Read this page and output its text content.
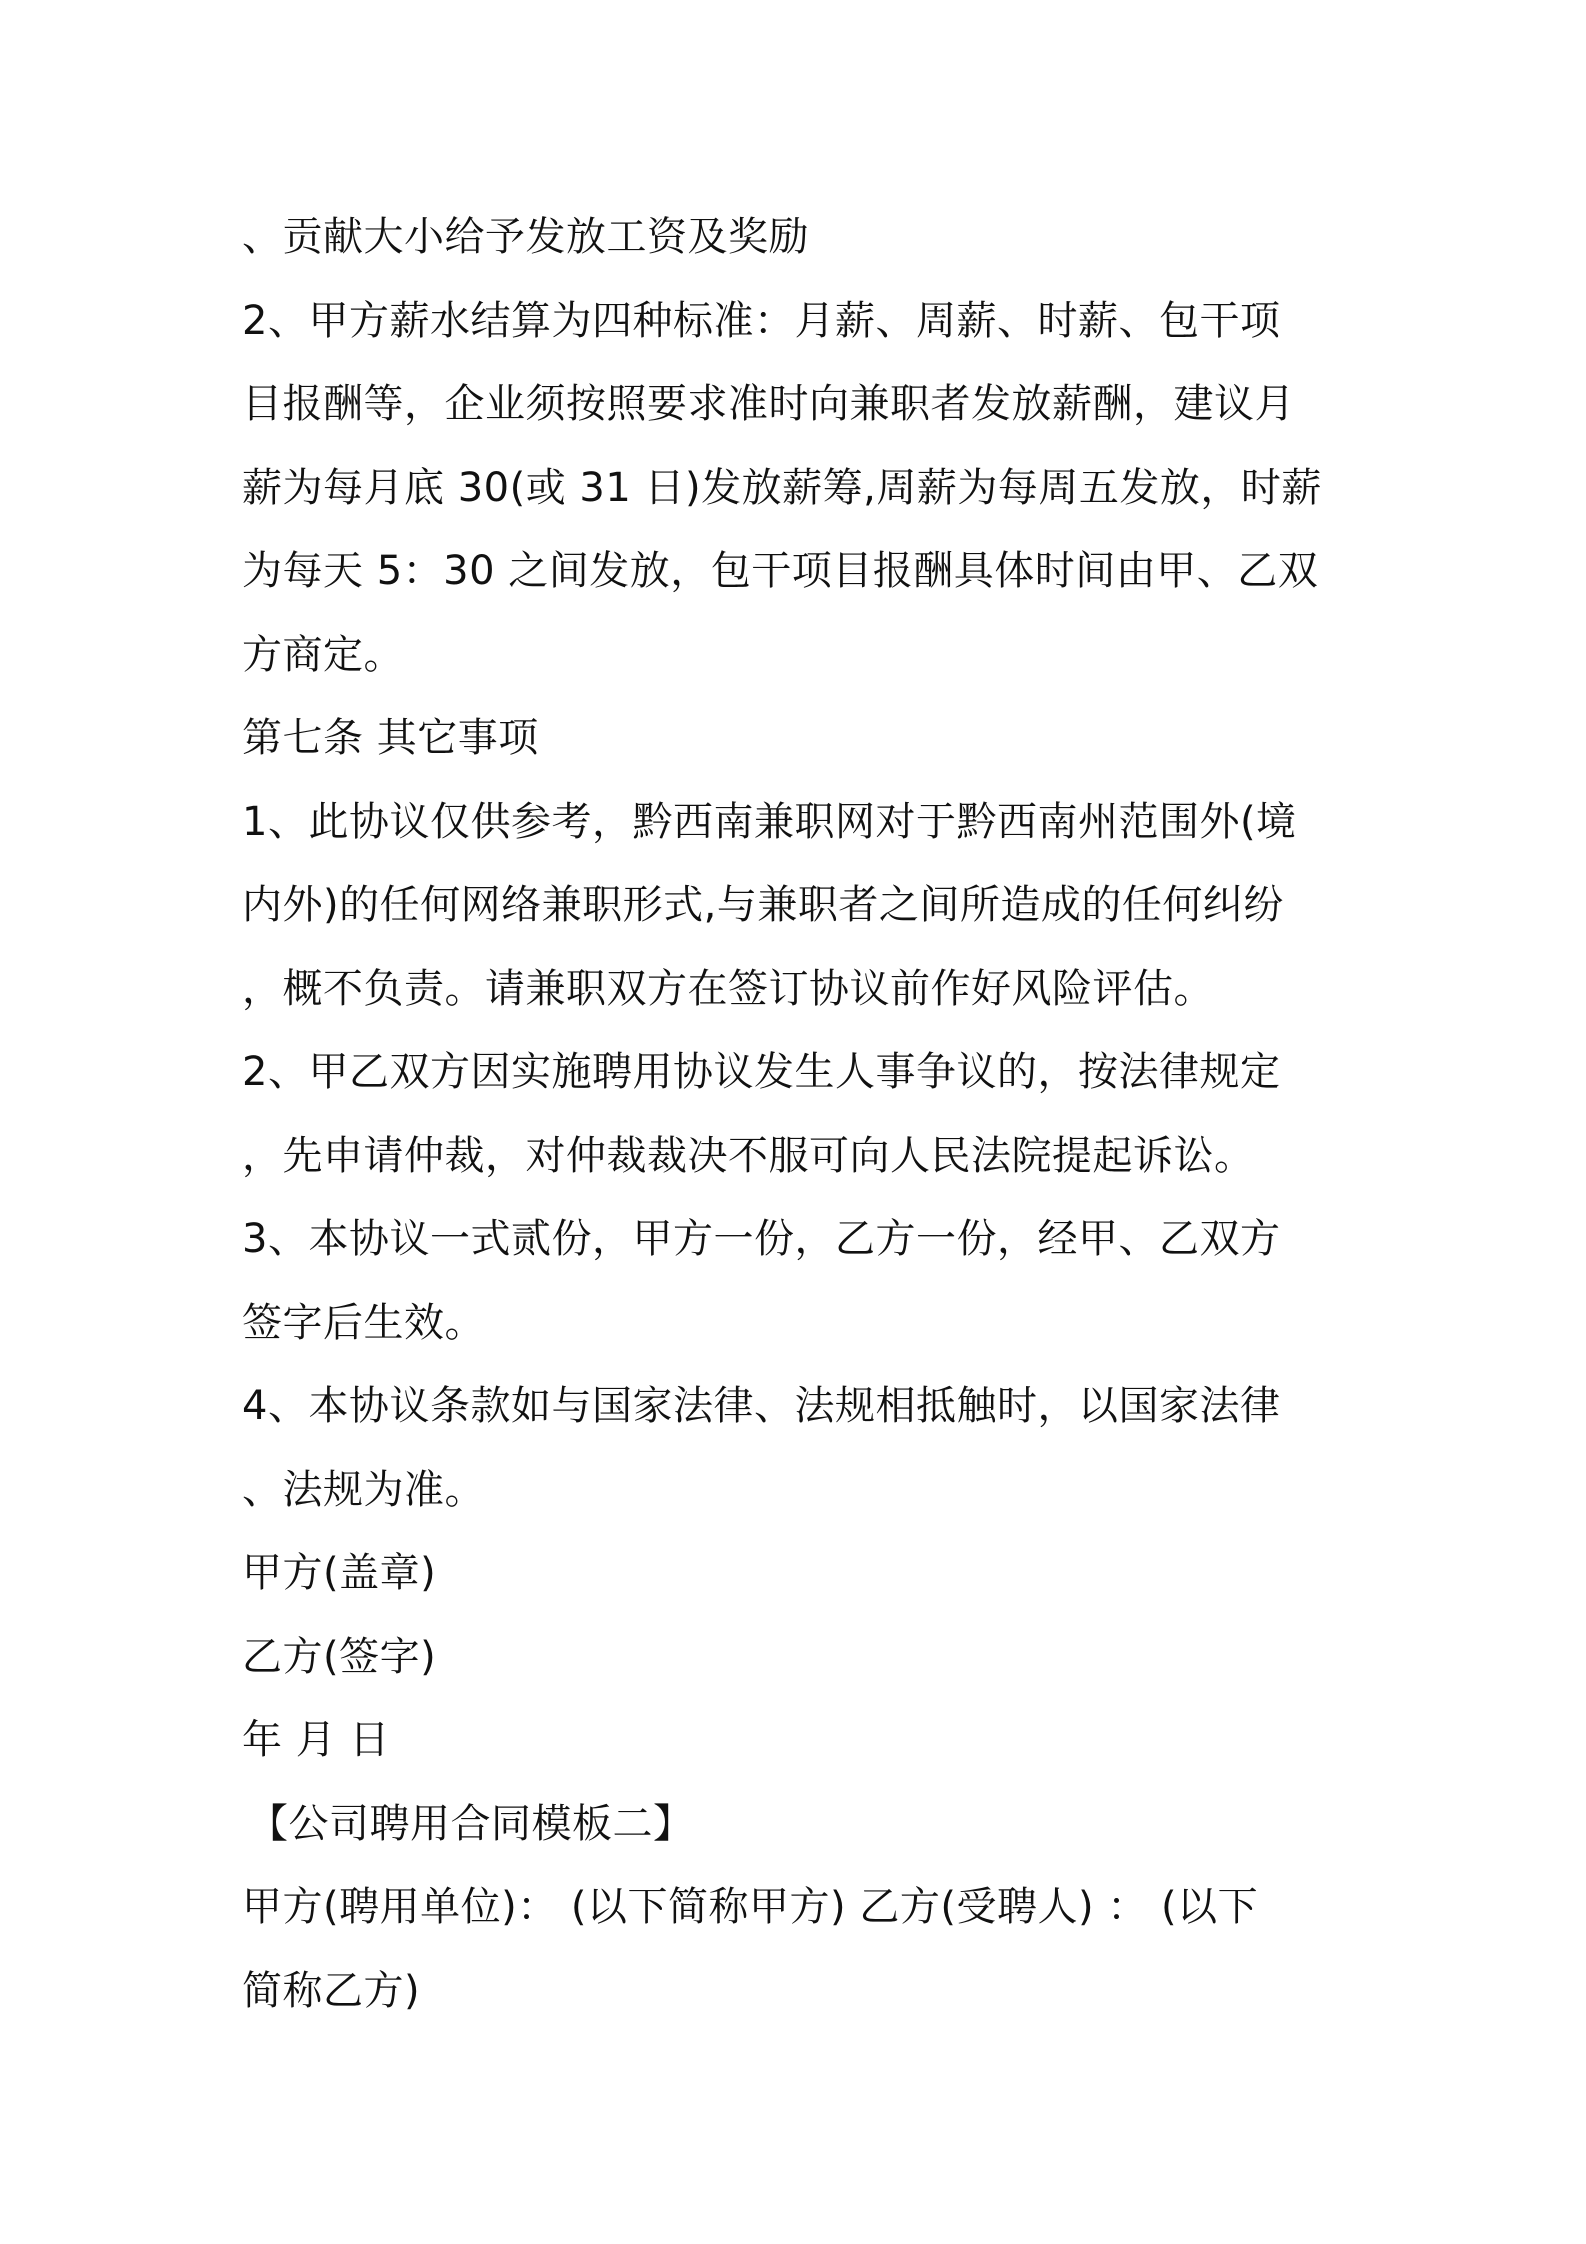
、贡献大小给予发放工资及奖励
2、甲方薪水结算为四种标准：月薪、周薪、时薪、包干项
目报酬等，企业须按照要求准时向兼职者发放薪酬，建议月
薪为每月底 30(或 31 日)发放薪筹,周薪为每周五发放，时薪
为每天 5：30 之间发放，包干项目报酬具体时间由甲、乙双
方商定。
第七条 其它事项
1、此协议仅供参考，黔西南兼职网对于黔西南州范围外(境
内外)的任何网络兼职形式,与兼职者之间所造成的任何纠纷
，概不负责。请兼职双方在签订协议前作好风险评估。
2、甲乙双方因实施聘用协议发生人事争议的，按法律规定
，先申请仲裁，对仲裁裁决不服可向人民法院提起诉讼。
3、本协议一式贰份，甲方一份，乙方一份，经甲、乙双方
签字后生效。
4、本协议条款如与国家法律、法规相抵触时，以国家法律
、法规为准。
甲方(盖章)
乙方(签字)
年 月 日
【公司聘用合同模板二】
甲方(聘用单位)： (以下简称甲方) 乙方(受聘人) ： (以下
简称乙方)
